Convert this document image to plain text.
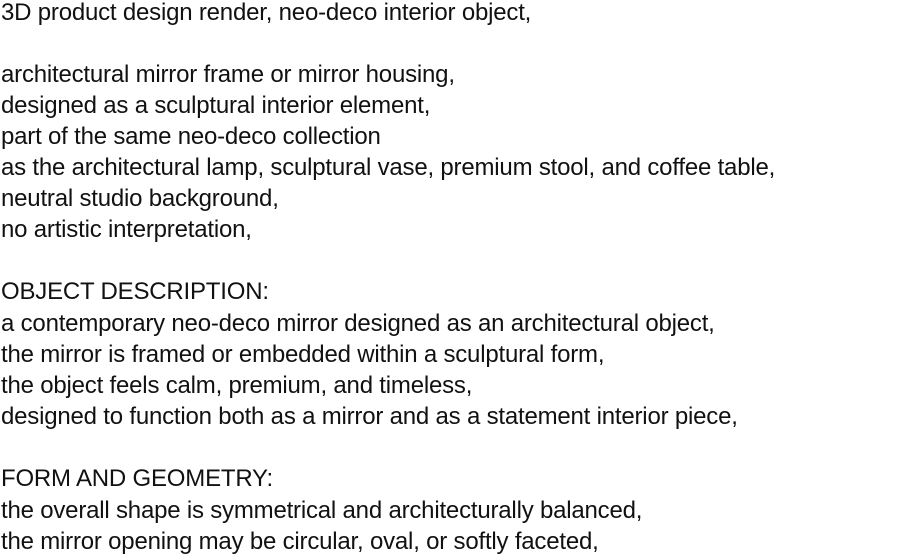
3D product design render, neo-deco interior object,

architectural mirror frame or mirror housing,

designed as a sculptural interior element,

part of the same neo-deco collection

as the architectural lamp, sculptural vase, premium stool, and coffee table,

neutral studio background,

no artistic interpretation,

OBJECT DESCRIPTION:

a contemporary neo-deco mirror designed as an architectural object,

the mirror is framed or embedded within a sculptural form,

the object feels calm, premium, and timeless,

designed to function both as a mirror and as a statement interior piece,

FORM AND GEOMETRY:

the overall shape is symmetrical and architecturally balanced,

the mirror opening may be circular, oval, or softly faceted,
